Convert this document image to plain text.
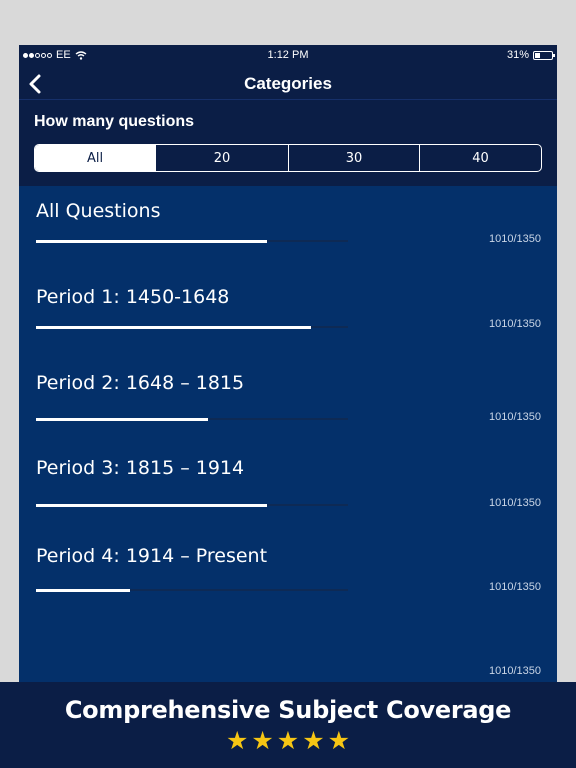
EE	1:12 PM	31%
Categories
How many questions
All	20	30	40
All Questions
1010/1350
Period 1: 1450-1648
1010/1350
Period 2: 1648 – 1815
1010/1350
Period 3: 1815 – 1914
1010/1350
Period 4: 1914 – Present
1010/1350
1010/1350
Comprehensive Subject Coverage
★ ★ ★ ★ ★
